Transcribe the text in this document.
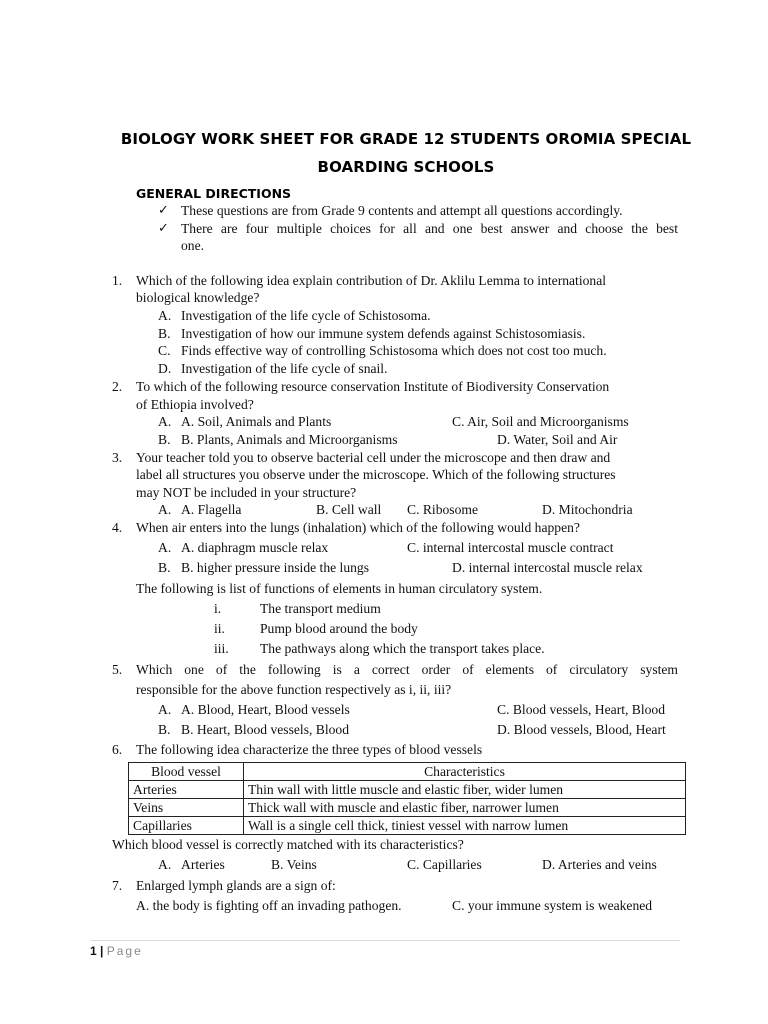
BIOLOGY WORK SHEET FOR GRADE 12 STUDENTS OROMIA SPECIAL
BOARDING SCHOOLS
GENERAL DIRECTIONS
✓ These questions are from Grade 9 contents and attempt all questions accordingly.
✓ There are four multiple choices for all and one best answer and choose the best
one.
1. Which of the following idea explain contribution of Dr. Aklilu Lemma to international
biological knowledge?
A. Investigation of the life cycle of Schistosoma.
B. Investigation of how our immune system defends against Schistosomiasis.
C. Finds effective way of controlling Schistosoma which does not cost too much.
D. Investigation of the life cycle of snail.
2. To which of the following resource conservation Institute of Biodiversity Conservation
of Ethiopia involved?
A. A. Soil, Animals and Plants	C. Air, Soil and Microorganisms
B. B. Plants, Animals and Microorganisms	D. Water, Soil and Air
3. Your teacher told you to observe bacterial cell under the microscope and then draw and
label all structures you observe under the microscope. Which of the following structures
may NOT be included in your structure?
A. A. Flagella	B. Cell wall C. Ribosome	D. Mitochondria
4. When air enters into the lungs (inhalation) which of the following would happen?
A. A. diaphragm muscle relax	C. internal intercostal muscle contract
B. B. higher pressure inside the lungs	D. internal intercostal muscle relax
The following is list of functions of elements in human circulatory system.
i.	The transport medium
ii.	Pump blood around the body
iii. The pathways along which the transport takes place.
5. Which  one  of  the  following  is  a  correct  order  of  elements  of  circulatory  system
responsible for the above function respectively as i, ii, iii?
A. A. Blood, Heart, Blood vessels	C. Blood vessels, Heart, Blood
B. B. Heart, Blood vessels, Blood	D. Blood vessels, Blood, Heart
6. The following idea characterize the three types of blood vessels
Blood vessel	Characteristics
Arteries	Thin wall with little muscle and elastic fiber, wider lumen
Veins	Thick wall with muscle and elastic fiber, narrower lumen
Capillaries	Wall is a single cell thick, tiniest vessel with narrow lumen
Which blood vessel is correctly matched with its characteristics?
A. Arteries	B. Veins	C. Capillaries	D. Arteries and veins
7. Enlarged lymph glands are a sign of:
A. the body is fighting off an invading pathogen.	C. your immune system is weakened
1 | Page
